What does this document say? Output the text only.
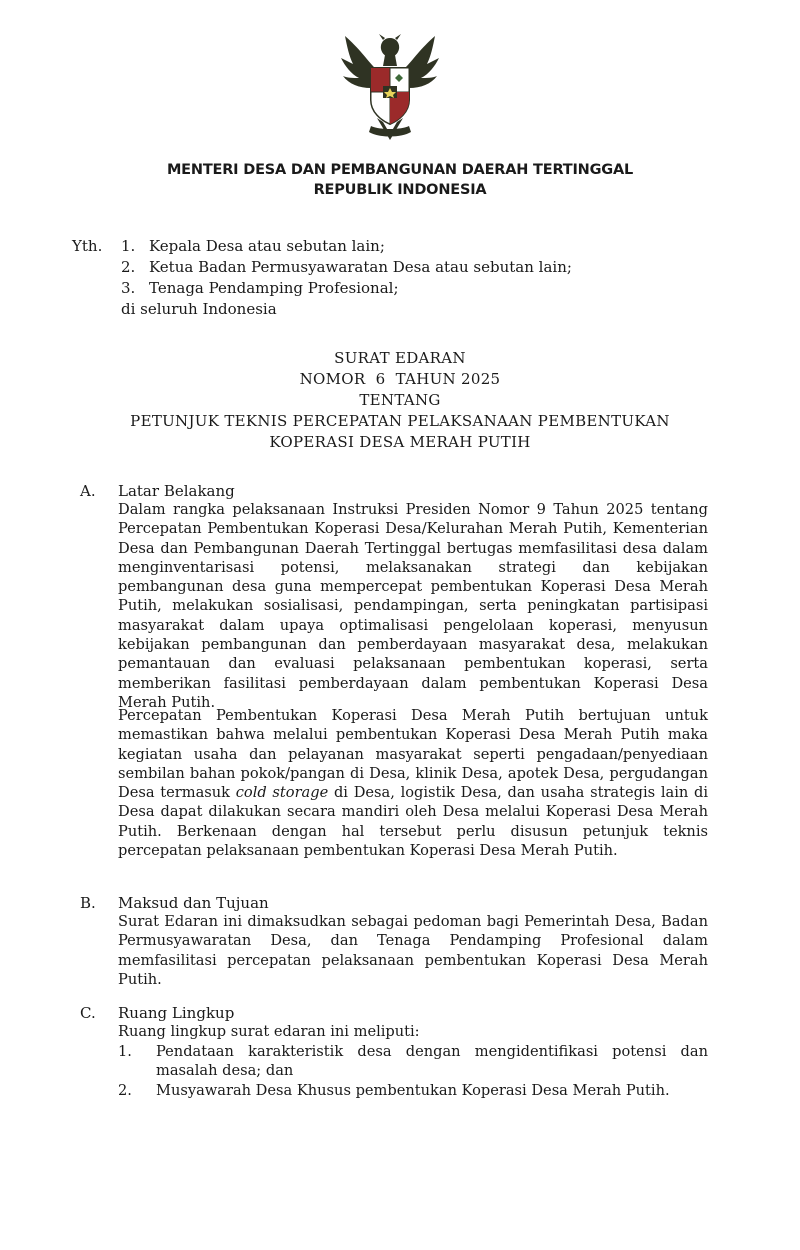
MENTERI DESA DAN PEMBANGUNAN DAERAH TERTINGGAL
REPUBLIK INDONESIA
Yth. 1. Kepala Desa atau sebutan lain;
2. Ketua Badan Permusyawaratan Desa atau sebutan lain;
3. Tenaga Pendamping Profesional;
di seluruh Indonesia
SURAT EDARAN
NOMOR  6  TAHUN 2025
TENTANG
PETUNJUK TEKNIS PERCEPATAN PELAKSANAAN PEMBENTUKAN
KOPERASI DESA MERAH PUTIH
A. Latar Belakang

Dalam rangka pelaksanaan Instruksi Presiden Nomor 9 Tahun 2025 tentang Percepatan Pembentukan Koperasi Desa/Kelurahan Merah Putih, Kementerian Desa dan Pembangunan Daerah Tertinggal bertugas memfasilitasi desa dalam menginventarisasi potensi, melaksanakan strategi dan kebijakan pembangunan desa guna mempercepat pembentukan Koperasi Desa Merah Putih, melakukan sosialisasi, pendampingan, serta peningkatan partisipasi masyarakat dalam upaya optimalisasi pengelolaan koperasi, menyusun kebijakan pembangunan dan pemberdayaan masyarakat desa, melakukan pemantauan dan evaluasi pelaksanaan pembentukan koperasi, serta memberikan fasilitasi pemberdayaan dalam pembentukan Koperasi Desa Merah Putih.

Percepatan Pembentukan Koperasi Desa Merah Putih bertujuan untuk memastikan bahwa melalui pembentukan Koperasi Desa Merah Putih maka kegiatan usaha dan pelayanan masyarakat seperti pengadaan/penyediaan sembilan bahan pokok/pangan di Desa, klinik Desa, apotek Desa, pergudangan Desa termasuk cold storage di Desa, logistik Desa, dan usaha strategis lain di Desa dapat dilakukan secara mandiri oleh Desa melalui Koperasi Desa Merah Putih. Berkenaan dengan hal tersebut perlu disusun petunjuk teknis percepatan pelaksanaan pembentukan Koperasi Desa Merah Putih.

B. Maksud dan Tujuan

Surat Edaran ini dimaksudkan sebagai pedoman bagi Pemerintah Desa, Badan Permusyawaratan Desa, dan Tenaga Pendamping Profesional dalam memfasilitasi percepatan pelaksanaan pembentukan Koperasi Desa Merah Putih.

C. Ruang Lingkup

Ruang lingkup surat edaran ini meliputi:

1.	Pendataan karakteristik desa dengan mengidentifikasi potensi dan masalah desa; dan
2.	Musyawarah Desa Khusus pembentukan Koperasi Desa Merah Putih.
